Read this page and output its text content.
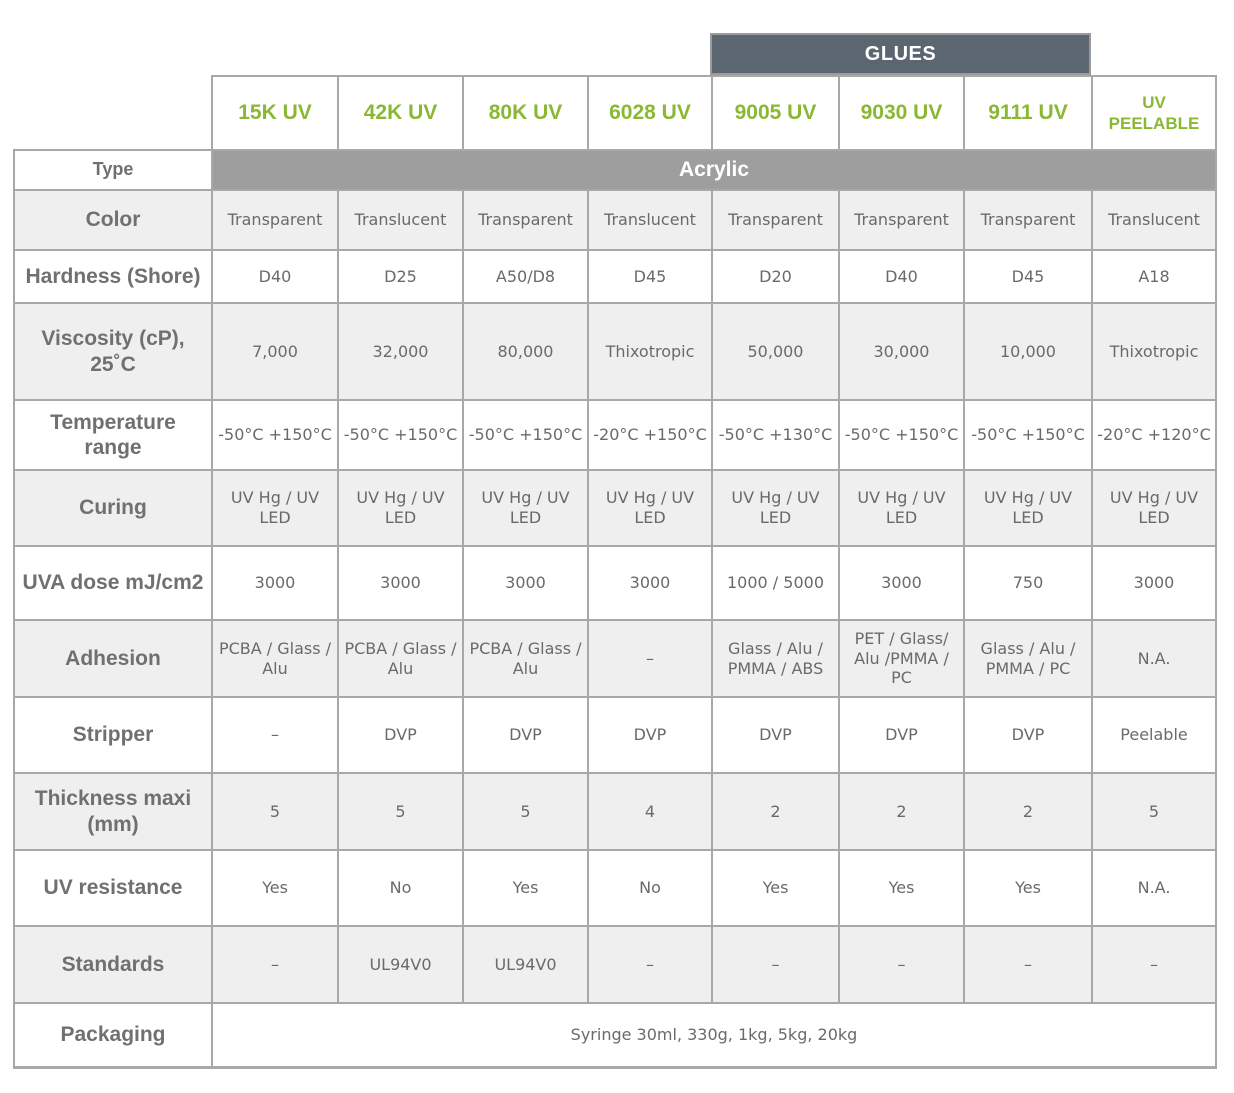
GLUES
	15K UV	42K UV	80K UV	6028 UV	9005 UV	9030 UV	9111 UV	UV PEELABLE
Type	Acrylic							
Color	Transparent	Translucent	Transparent	Translucent	Transparent	Transparent	Transparent	Translucent
Hardness (Shore)	D40	D25	A50/D8	D45	D20	D40	D45	A18
Viscosity (cP), 25˚C	7,000	32,000	80,000	Thixotropic	50,000	30,000	10,000	Thixotropic
Temperature range	-50°C +150°C	-50°C +150°C	-50°C +150°C	-20°C +150°C	-50°C +130°C	-50°C +150°C	-50°C +150°C	-20°C +120°C
Curing	UV Hg / UV LED	UV Hg / UV LED	UV Hg / UV LED	UV Hg / UV LED	UV Hg / UV LED	UV Hg / UV LED	UV Hg / UV LED	UV Hg / UV LED
UVA dose mJ/cm2	3000	3000	3000	3000	1000 / 5000	3000	750	3000
Adhesion	PCBA / Glass / Alu	PCBA / Glass / Alu	PCBA / Glass / Alu	–	Glass / Alu / PMMA / ABS	PET / Glass/ Alu /PMMA / PC	Glass / Alu / PMMA / PC	N.A.
Stripper	–	DVP	DVP	DVP	DVP	DVP	DVP	Peelable
Thickness maxi (mm)	5	5	5	4	2	2	2	5
UV resistance	Yes	No	Yes	No	Yes	Yes	Yes	N.A.
Standards	–	UL94V0	UL94V0	–	–	–	–	–
Packaging	Syringe 30ml, 330g, 1kg, 5kg, 20kg							
